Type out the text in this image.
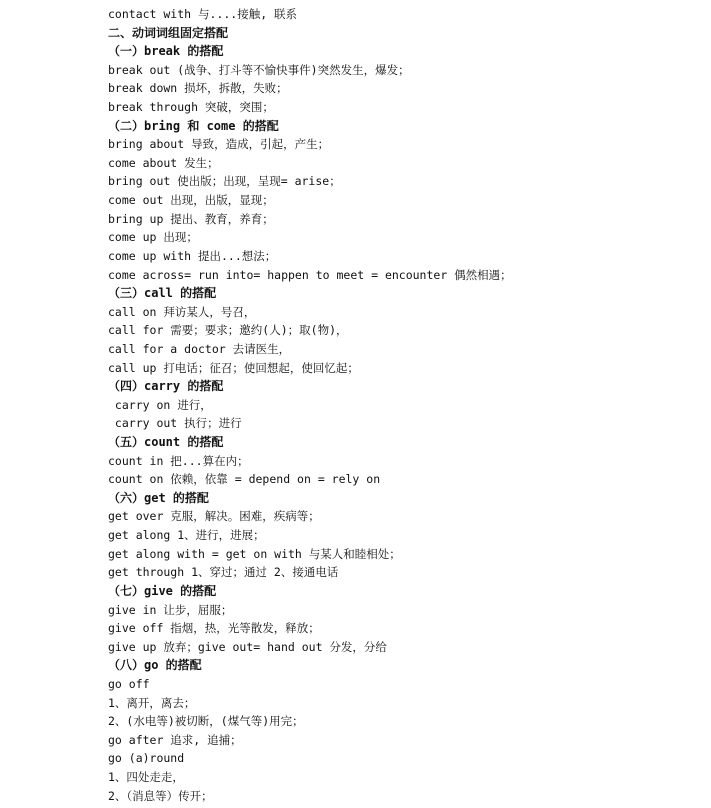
contact with 与....接触, 联系
二、动词词组固定搭配
（一）break 的搭配
break out (战争、打斗等不愉快事件)突然发生，爆发；
break down 损坏，拆散，失败；
break through 突破，突围；
（二）bring 和 come 的搭配
bring about 导致，造成，引起，产生；
come about 发生；
bring out 使出版；出现，呈现= arise；
come out 出现，出版，显现；
bring up 提出、教育，养育；
come up 出现；
come up with 提出...想法；
come across= run into= happen to meet = encounter 偶然相遇；
（三）call 的搭配
call on 拜访某人，号召，
call for 需要；要求；邀约(人)；取(物)，
call for a doctor 去请医生，
call up 打电话；征召；使回想起，使回忆起；
（四）carry 的搭配
carry on 进行，
carry out 执行；进行
（五）count 的搭配
count in 把...算在内；
count on 依赖，依靠 = depend on = rely on
（六）get 的搭配
get over 克服，解决。困难，疾病等；
get along 1、进行，进展；
get along with = get on with 与某人和睦相处；
get through 1、穿过；通过 2、接通电话
（七）give 的搭配
give in 让步，屈服；
give off 指烟，热，光等散发，释放；
give up 放弃；give out= hand out 分发，分给
（八）go 的搭配
go off
1、离开，离去；
2、(水电等)被切断，(煤气等)用完；
go after 追求, 追捕；
go (a)round
1、四处走走，
2、（消息等）传开；
